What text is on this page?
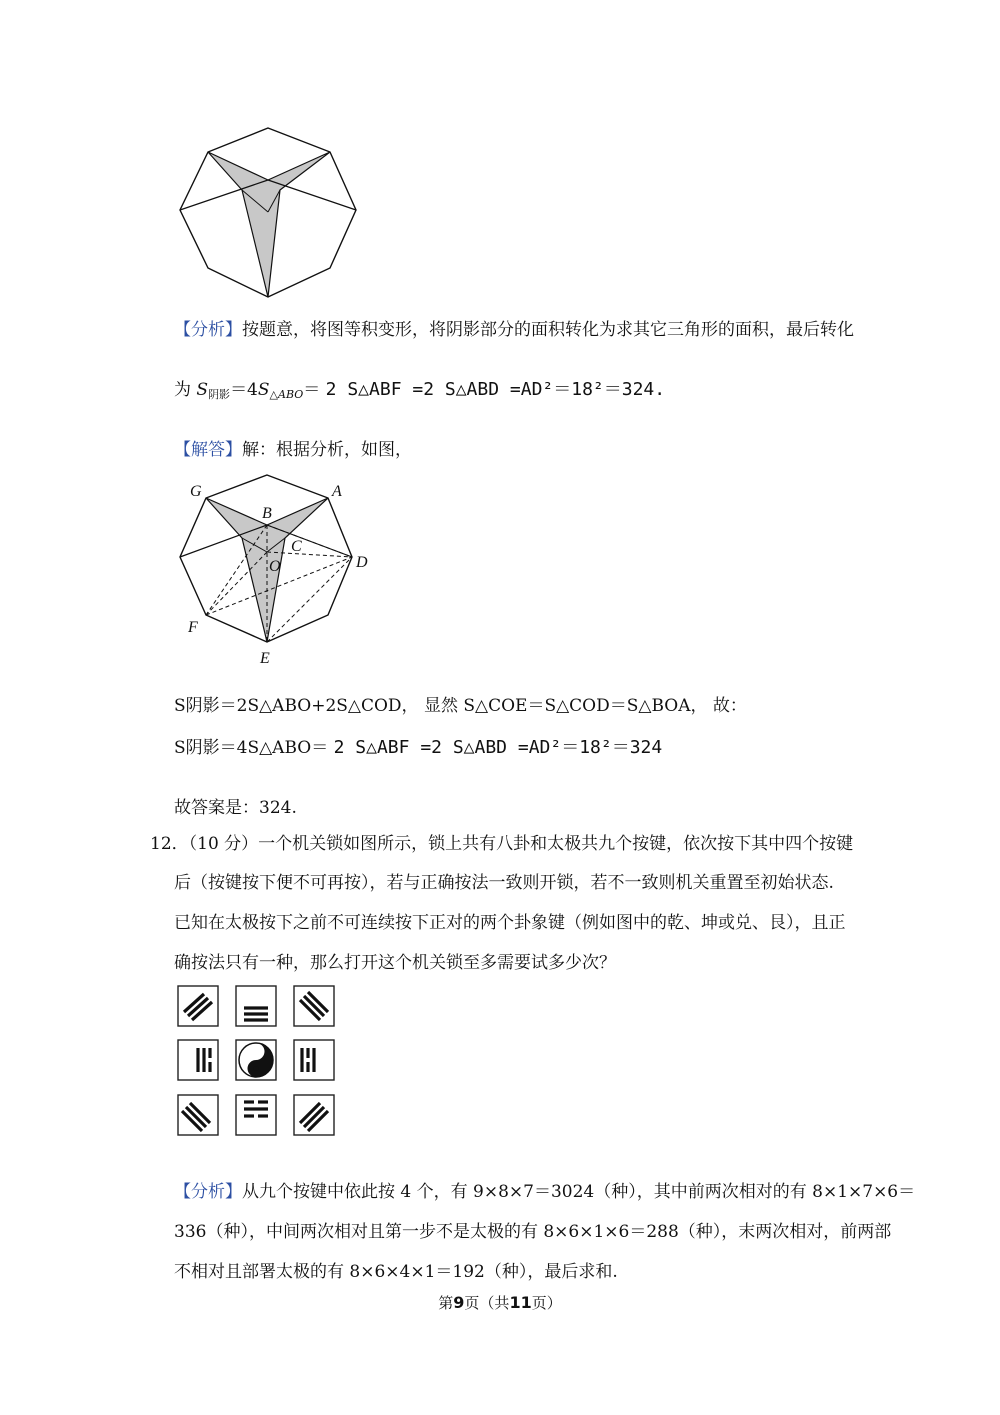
【分析】按题意，将图等积变形，将阴影部分的面积转化为求其它三角形的面积，最后转化
为 S阴影＝4S△ABO＝ 2 S△ABF =2 S△ABD =AD²＝18²＝324.
【解答】解：根据分析，如图，
G	A
B
C
D
O
F
E
S阴影＝2S△ABO+2S△COD， 显然 S△COE＝S△COD＝S△BOA， 故：
S阴影＝4S△ABO＝ 2 S△ABF =2 S△ABD =AD²＝18²＝324
故答案是：324.
12．（10 分）一个机关锁如图所示，锁上共有八卦和太极共九个按键，依次按下其中四个按键
后（按键按下便不可再按），若与正确按法一致则开锁，若不一致则机关重置至初始状态.
已知在太极按下之前不可连续按下正对的两个卦象键（例如图中的乾、坤或兑、艮），且正
确按法只有一种，那么打开这个机关锁至多需要试多少次？
【分析】从九个按键中依此按 4 个，有 9×8×7＝3024（种），其中前两次相对的有 8×1×7×6＝
336（种），中间两次相对且第一步不是太极的有 8×6×1×6＝288（种），末两次相对，前两部
不相对且部署太极的有 8×6×4×1＝192（种），最后求和.
第9页（共11页）
